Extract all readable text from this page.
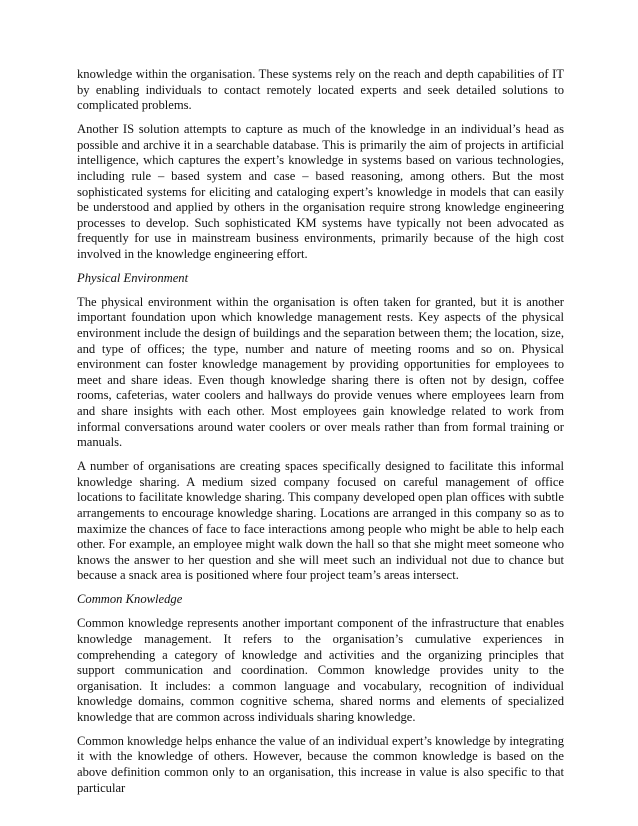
knowledge within the organisation. These systems rely on the reach and depth capabilities of IT by enabling individuals to contact remotely located experts and seek detailed solutions to complicated problems.

Another IS solution attempts to capture as much of the knowledge in an individual’s head as possible and archive it in a searchable database. This is primarily the aim of projects in artificial intelligence, which captures the expert’s knowledge in systems based on various technologies, including rule – based system and case – based reasoning, among others. But the most sophisticated systems for eliciting and cataloging expert’s knowledge in models that can easily be understood and applied by others in the organisation require strong knowledge engineering processes to develop. Such sophisticated KM systems have typically not been advocated as frequently for use in mainstream business environments, primarily because of the high cost involved in the knowledge engineering effort.

Physical Environment

The physical environment within the organisation is often taken for granted, but it is another important foundation upon which knowledge management rests. Key aspects of the physical environment include the design of buildings and the separation between them; the location, size, and type of offices; the type, number and nature of meeting rooms and so on. Physical environment can foster knowledge management by providing opportunities for employees to meet and share ideas. Even though knowledge sharing there is often not by design, coffee rooms, cafeterias, water coolers and hallways do provide venues where employees learn from and share insights with each other. Most employees gain knowledge related to work from informal conversations around water coolers or over meals rather than from formal training or manuals.

A number of organisations are creating spaces specifically designed to facilitate this informal knowledge sharing. A medium sized company focused on careful management of office locations to facilitate knowledge sharing. This company developed open plan offices with subtle arrangements to encourage knowledge sharing. Locations are arranged in this company so as to maximize the chances of face to face interactions among people who might be able to help each other. For example, an employee might walk down the hall so that she might meet someone who knows the answer to her question and she will meet such an individual not due to chance but because a snack area is positioned where four project team’s areas intersect.

Common Knowledge

Common knowledge represents another important component of the infrastructure that enables knowledge management. It refers to the organisation’s cumulative experiences in comprehending a category of knowledge and activities and the organizing principles that support communication and coordination. Common knowledge provides unity to the organisation. It includes: a common language and vocabulary, recognition of individual knowledge domains, common cognitive schema, shared norms and elements of specialized knowledge that are common across individuals sharing knowledge.

Common knowledge helps enhance the value of an individual expert’s knowledge by integrating it with the knowledge of others. However, because the common knowledge is based on the above definition common only to an organisation, this increase in value is also specific to that particular
